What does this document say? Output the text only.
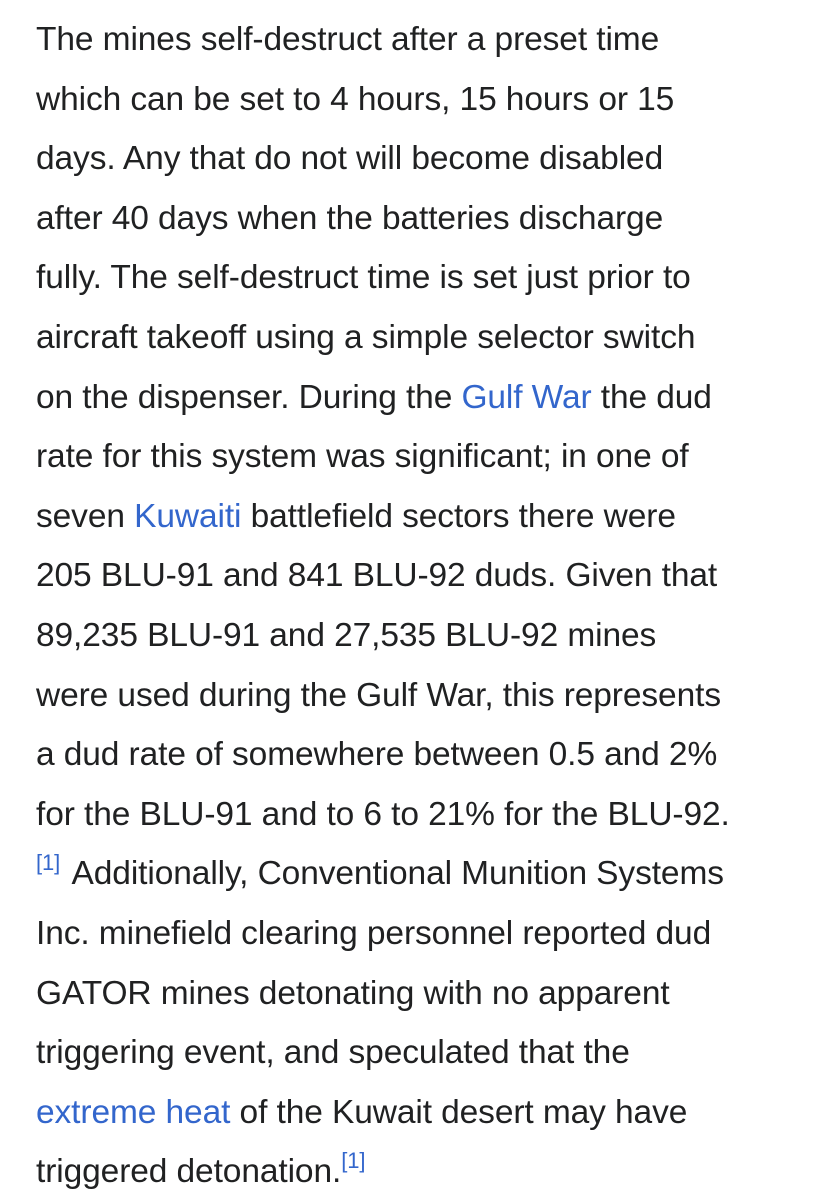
The mines self-destruct after a preset time
which can be set to 4 hours, 15 hours or 15
days. Any that do not will become disabled
after 40 days when the batteries discharge
fully. The self-destruct time is set just prior to
aircraft takeoff using a simple selector switch
on the dispenser. During the Gulf War the dud
rate for this system was significant; in one of
seven Kuwaiti battlefield sectors there were
205 BLU-91 and 841 BLU-92 duds. Given that
89,235 BLU-91 and 27,535 BLU-92 mines
were used during the Gulf War, this represents
a dud rate of somewhere between 0.5 and 2%
for the BLU-91 and to 6 to 21% for the BLU-92.
[1] Additionally, Conventional Munition Systems
Inc. minefield clearing personnel reported dud
GATOR mines detonating with no apparent
triggering event, and speculated that the
extreme heat of the Kuwait desert may have
triggered detonation.[1]
